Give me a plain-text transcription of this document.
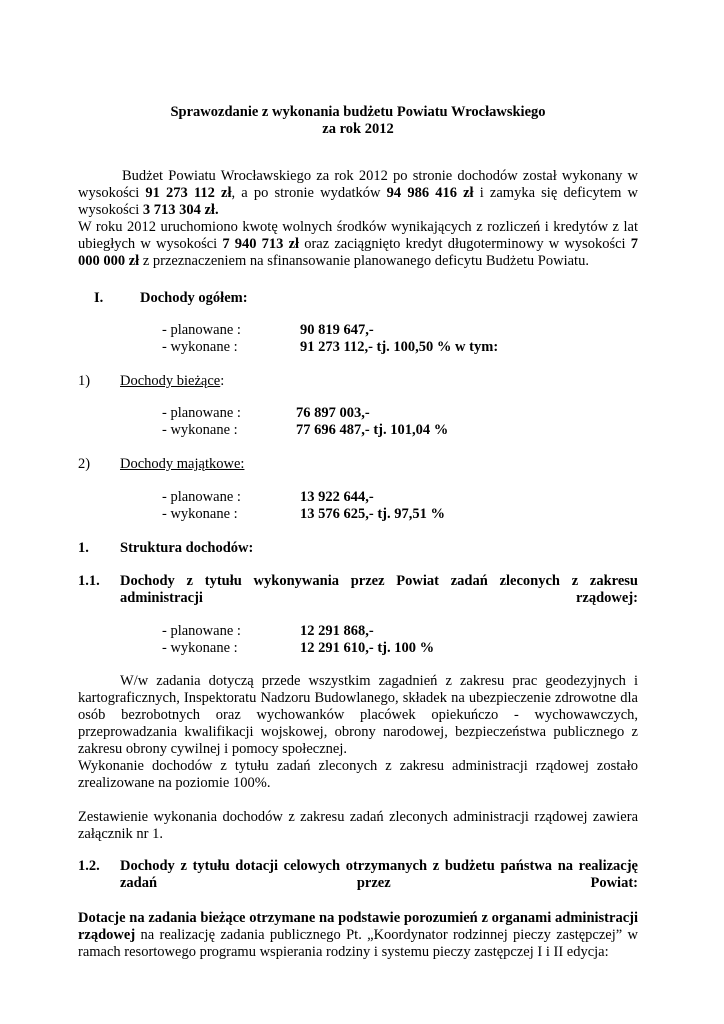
Sprawozdanie z wykonania budżetu Powiatu Wrocławskiego
za rok 2012
Budżet Powiatu Wrocławskiego za rok 2012 po stronie dochodów został wykonany w wysokości 91 273 112 zł, a po stronie wydatków 94 986 416 zł i zamyka się deficytem w wysokości 3 713 304 zł.
W roku 2012 uruchomiono kwotę wolnych środków wynikających z rozliczeń i kredytów z lat ubiegłych w wysokości 7 940 713 zł oraz zaciągnięto kredyt długoterminowy w wysokości 7 000 000 zł z przeznaczeniem na sfinansowanie planowanego deficytu Budżetu Powiatu.
I.	Dochody ogółem:
- planowane :	90 819 647,-
- wykonane :	91 273 112,- tj. 100,50 % w tym:
1) Dochody bieżące:
- planowane :	76 897 003,-
- wykonane :	77 696 487,- tj. 101,04 %
2) Dochody majątkowe:
- planowane :	13 922 644,-
- wykonane :	13 576 625,- tj. 97,51 %
1. Struktura dochodów:
1.1. Dochody z tytułu wykonywania przez Powiat zadań zleconych z zakresu administracji rządowej:
- planowane :	12 291 868,-
- wykonane :	12 291 610,- tj. 100 %
W/w zadania dotyczą przede wszystkim zagadnień z zakresu prac geodezyjnych i kartograficznych, Inspektoratu Nadzoru Budowlanego, składek na ubezpieczenie zdrowotne dla osób bezrobotnych oraz wychowanków placówek opiekuńczo - wychowawczych, przeprowadzania kwalifikacji wojskowej, obrony narodowej, bezpieczeństwa publicznego z zakresu obrony cywilnej i pomocy społecznej.
Wykonanie dochodów z tytułu zadań zleconych z zakresu administracji rządowej zostało zrealizowane na poziomie 100%.
Zestawienie wykonania dochodów z zakresu zadań zleconych administracji rządowej zawiera załącznik nr 1.
1.2. Dochody z tytułu dotacji celowych otrzymanych z budżetu państwa na realizację zadań przez Powiat:
Dotacje na zadania bieżące otrzymane na podstawie porozumień z organami administracji rządowej na realizację zadania publicznego Pt. „Koordynator rodzinnej pieczy zastępczej” w ramach resortowego programu wspierania rodziny i systemu pieczy zastępczej I i II edycja:
